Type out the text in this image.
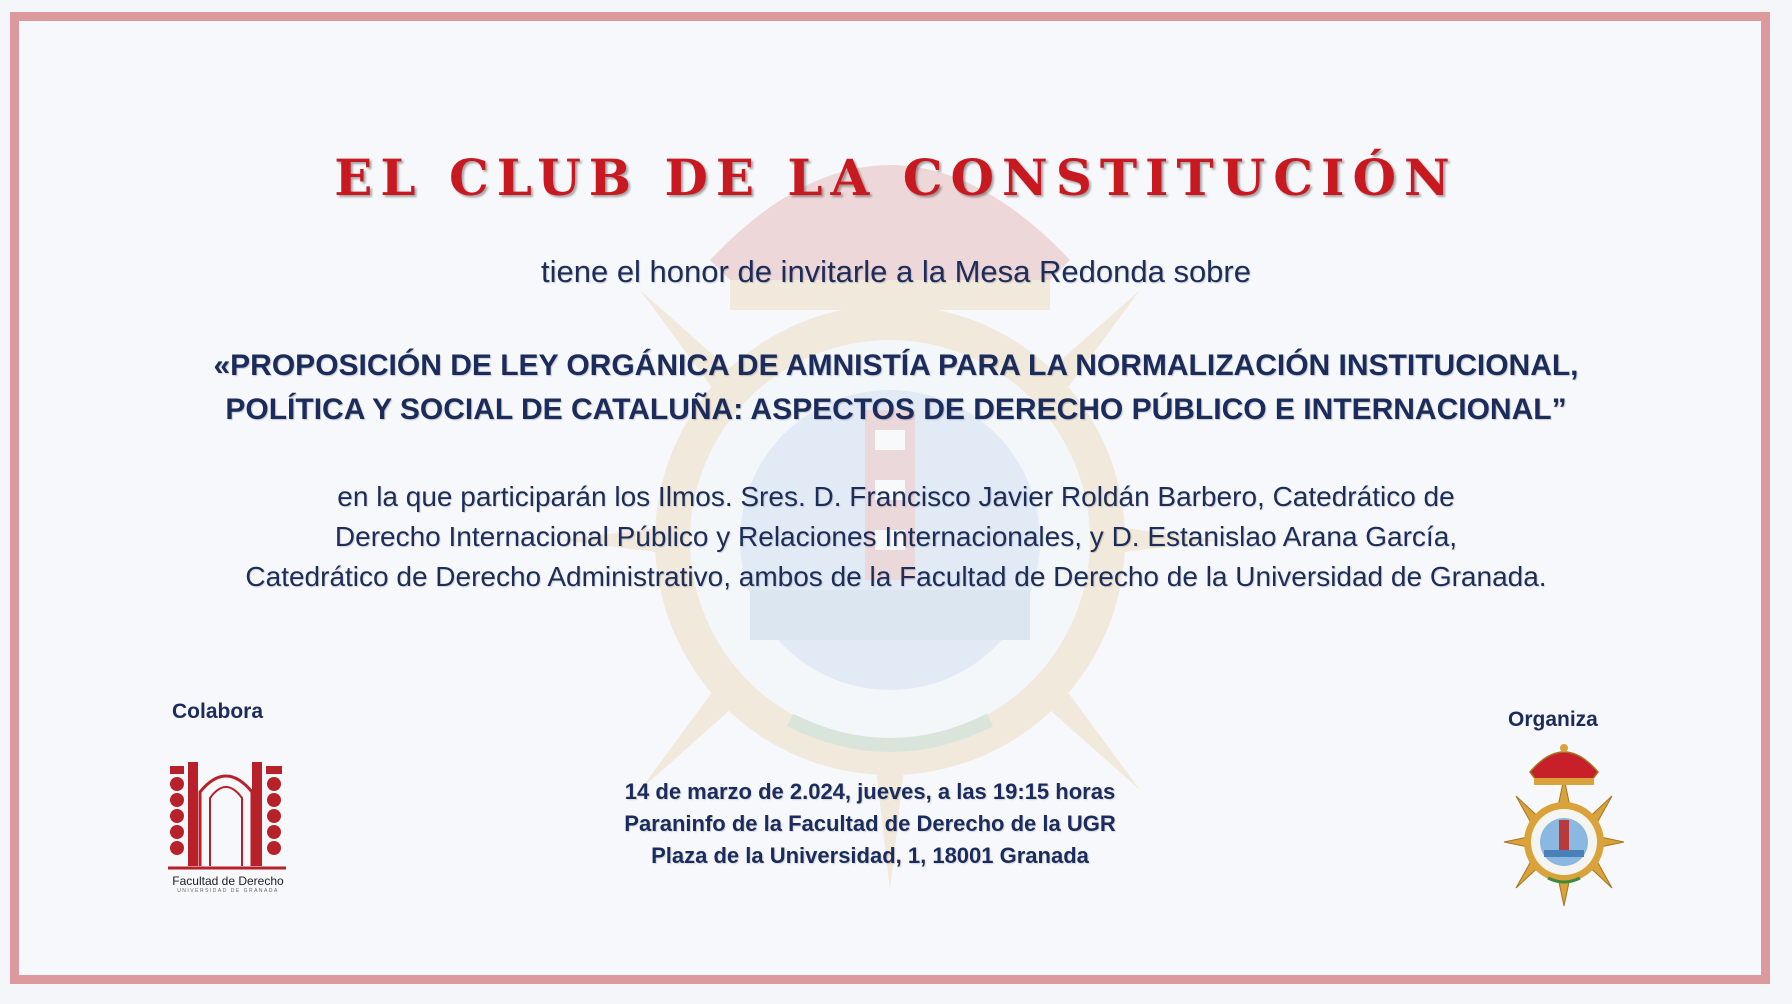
EL CLUB DE LA CONSTITUCIÓN

tiene el honor de invitarle a la Mesa Redonda sobre

«PROPOSICIÓN DE LEY ORGÁNICA DE AMNISTÍA PARA LA NORMALIZACIÓN INSTITUCIONAL,
POLÍTICA Y SOCIAL DE CATALUÑA: ASPECTOS DE DERECHO PÚBLICO E INTERNACIONAL”

en la que participarán los Ilmos. Sres. D. Francisco Javier Roldán Barbero, Catedrático de
Derecho Internacional Público y Relaciones Internacionales, y D. Estanislao Arana García,
Catedrático de Derecho Administrativo, ambos de la Facultad de Derecho de la Universidad de Granada.

Colabora
Facultad de Derecho
UNIVERSIDAD DE GRANADA
14 de marzo de 2.024, jueves, a las 19:15 horas
Paraninfo de la Facultad de Derecho de la UGR
Plaza de la Universidad, 1, 18001 Granada
Organiza
